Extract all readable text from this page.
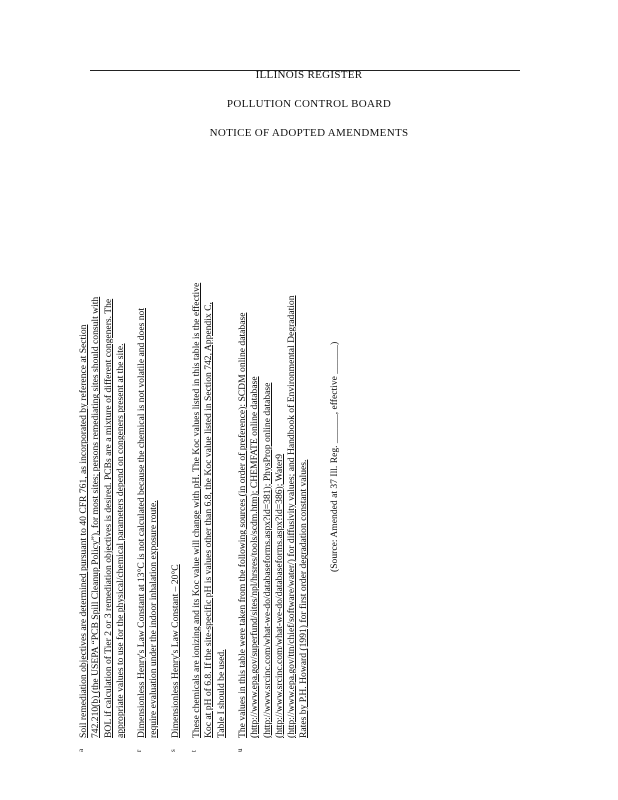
ILLINOIS REGISTER
POLLUTION CONTROL BOARD
NOTICE OF ADOPTED AMENDMENTS
a
Soil remediation objectives are determined pursuant to 40 CFR 761, as incorporated by reference at Section 742.210(b) (the USEPA “PCB Spill Cleanup Policy”), for most sites; persons remediating sites should consult with BOL if calculation of Tier 2 or 3 remediation objectives is desired. PCBs are a mixture of different congeners. The appropriate values to use for the physical/chemical parameters depend on congeners present at the site.
r
Dimensionless Henry's Law Constant at 13°C is not calculated because the chemical is not volatile and does not require evaluation under the indoor inhalation exposure route.
s
Dimensionless Henry's Law Constant – 20°C
t
These chemicals are ionizing and its Koc value will change with pH. The Koc values listed in this table is the effective Koc at pH of 6.8. If the site-specific pH is values other than 6.8, the Koc value listed in Section 742, Appendix C, Table I should be used.
u
The values in this table were taken from the following sources (in order of preference): SCDM online database (http://www.epa.gov/superfund/sites/npl/hrsres/tools/scdm.htm); CHEMFATE online database (http://www.srcinc.com/what-we-do/databaseforms.aspx?id=381); PhysProp online database (http://www.srcinc.com/what-we-do/databaseforms.aspx?id=386); Water9 (http://www.epa.gov/ttn/chief/software/water/) for diffusivity values; and Handbook of Environmental Degradation Rates by P.H. Howard (1991) for first order degradation constant values.
(Source: Amended at 37 Ill. Reg. ______, effective ______)
